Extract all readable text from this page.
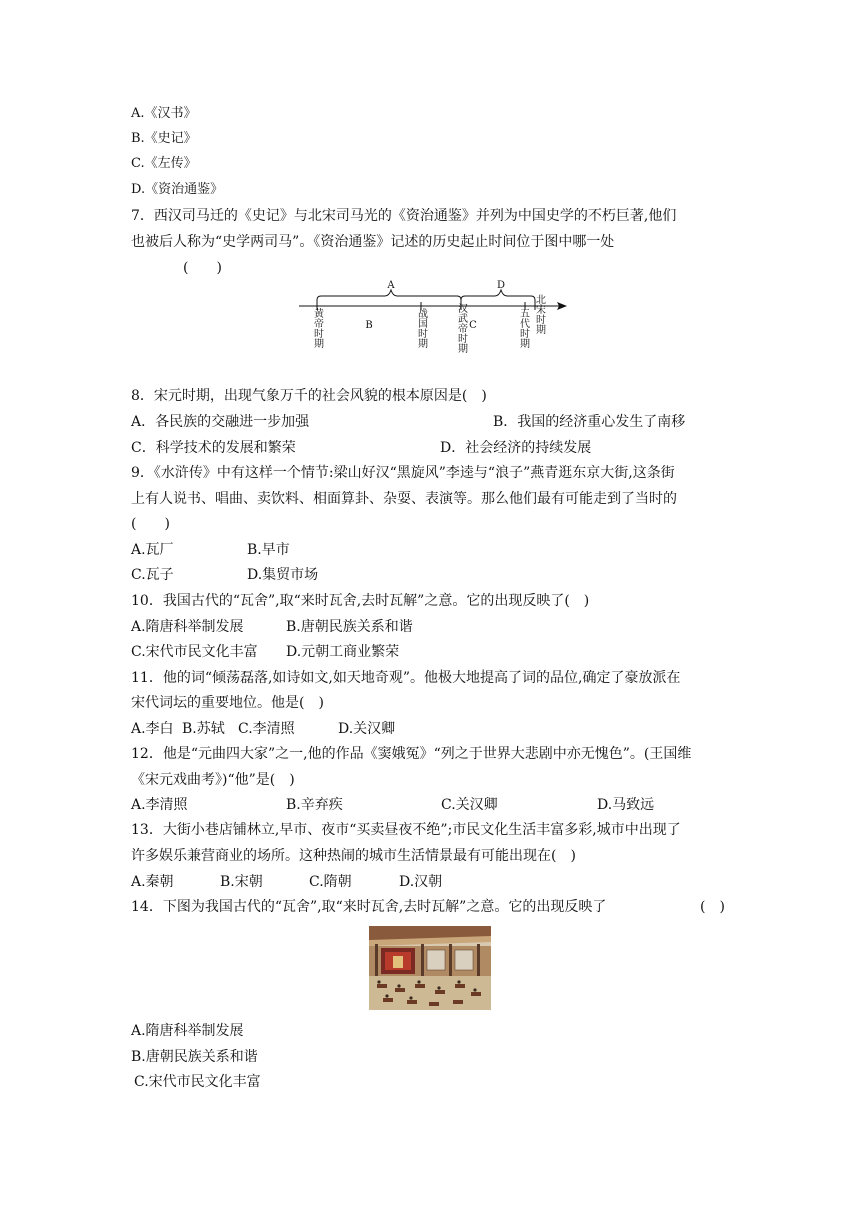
A.《汉书》
B.《史记》
C.《左传》
D.《资治通鉴》
7．西汉司马迁的《史记》与北宋司马光的《资治通鉴》并列为中国史学的不朽巨著,他们
也被后人称为“史学两司马”。《资治通鉴》记述的历史起止时间位于图中哪一处
(　　)
A	D
B	C
黄帝时期	战国时期	汉武帝时期	五代时期 北宋时期
8．宋元时期，出现气象万千的社会风貌的根本原因是(　)
A．各民族的交融进一步加强	B．我国的经济重心发生了南移
C．科学技术的发展和繁荣	D．社会经济的持续发展
9．《水浒传》中有这样一个情节:梁山好汉“黑旋风”李逵与“浪子”燕青逛东京大街,这条街
上有人说书、唱曲、卖饮料、相面算卦、杂耍、表演等。那么他们最有可能走到了当时的
(　　)
A.瓦厂	B.早市
C.瓦子	D.集贸市场
10．我国古代的“瓦舍”,取“来时瓦舍,去时瓦解”之意。它的出现反映了(　)
A.隋唐科举制发展	B.唐朝民族关系和谐
C.宋代市民文化丰富 D.元朝工商业繁荣
11．他的词“倾荡磊落,如诗如文,如天地奇观”。他极大地提高了词的品位,确定了豪放派在
宋代词坛的重要地位。他是(　)
A.李白 B.苏轼 C.李清照	D.关汉卿
12．他是“元曲四大家”之一,他的作品《窦娥冤》“列之于世界大悲剧中亦无愧色”。(王国维
《宋元戏曲考》)“他”是(　)
A.李清照	B.辛弃疾	C.关汉卿	D.马致远
13．大街小巷店铺林立,早市、夜市“买卖昼夜不绝”;市民文化生活丰富多彩,城市中出现了
许多娱乐兼营商业的场所。这种热闹的城市生活情景最有可能出现在(　)
A.秦朝	B.宋朝	C.隋朝	D.汉朝
14．下图为我国古代的“瓦舍”,取“来时瓦舍,去时瓦解”之意。它的出现反映了	(　)
A.隋唐科举制发展
B.唐朝民族关系和谐
C.宋代市民文化丰富
